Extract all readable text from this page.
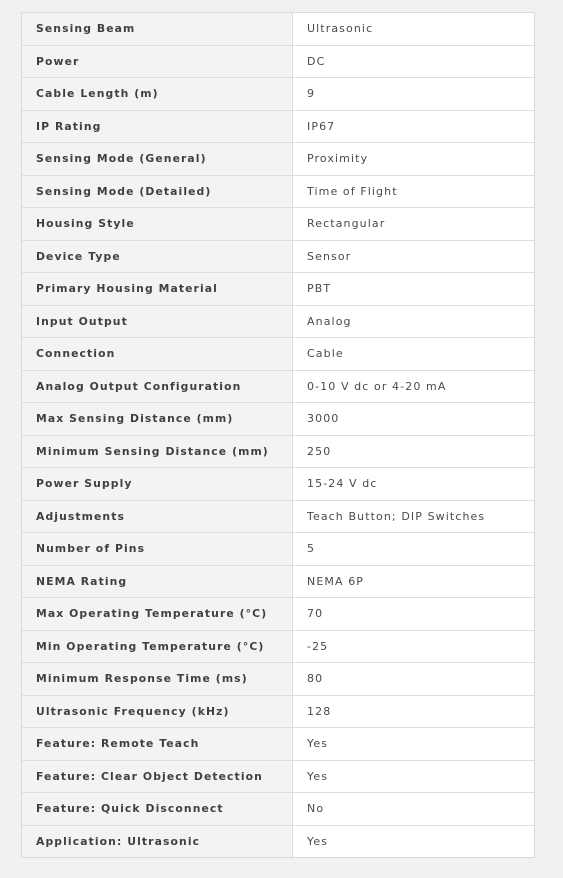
Sensing Beam	Ultrasonic
Power	DC
Cable Length (m)	9
IP Rating	IP67
Sensing Mode (General)	Proximity
Sensing Mode (Detailed)	Time of Flight
Housing Style	Rectangular
Device Type	Sensor
Primary Housing Material	PBT
Input Output	Analog
Connection	Cable
Analog Output Configuration	0-10 V dc or 4-20 mA
Max Sensing Distance (mm)	3000
Minimum Sensing Distance (mm)	250
Power Supply	15-24 V dc
Adjustments	Teach Button; DIP Switches
Number of Pins	5
NEMA Rating	NEMA 6P
Max Operating Temperature (°C)	70
Min Operating Temperature (°C)	-25
Minimum Response Time (ms)	80
Ultrasonic Frequency (kHz)	128
Feature: Remote Teach	Yes
Feature: Clear Object Detection	Yes
Feature: Quick Disconnect	No
Application: Ultrasonic	Yes
